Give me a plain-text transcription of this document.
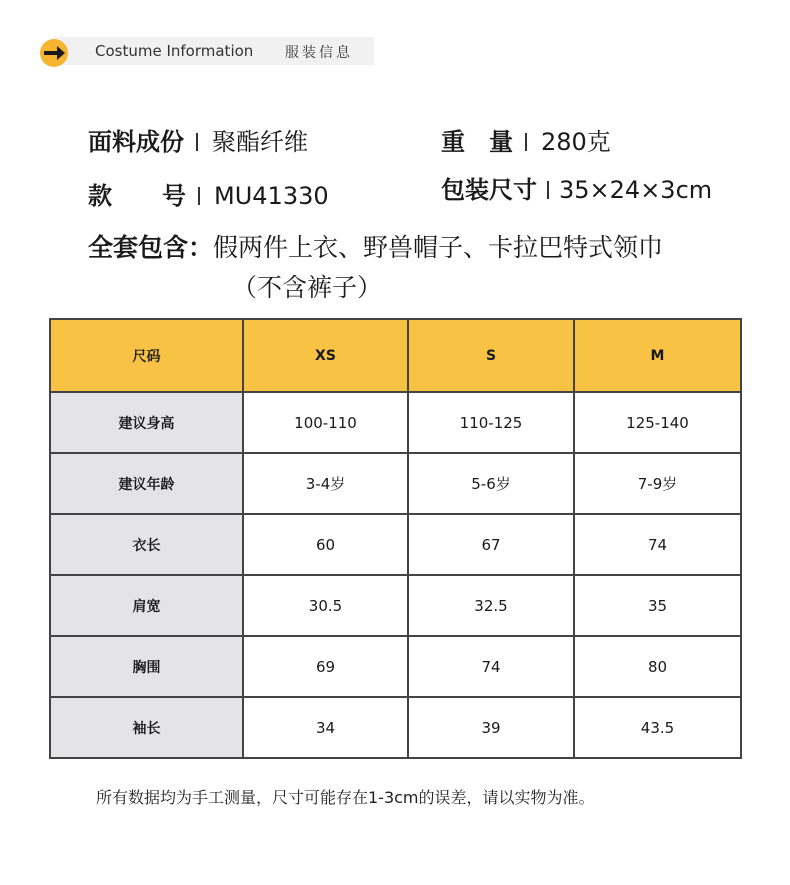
Costume Information 服装信息
面料成份 聚酯纤维	重 量 280克
款 号 MU41330	包装尺寸 35×24×3cm
全套包含：假两件上衣、野兽帽子、卡拉巴特式领巾
（不含裤子）
尺码	XS	S	M
建议身高	100-110	110-125	125-140
建议年龄	3-4岁	5-6岁	7-9岁
衣长	60	67	74
肩宽	30.5	32.5	35
胸围	69	74	80
袖长	34	39	43.5
所有数据均为手工测量，尺寸可能存在1-3cm的误差，请以实物为准。
